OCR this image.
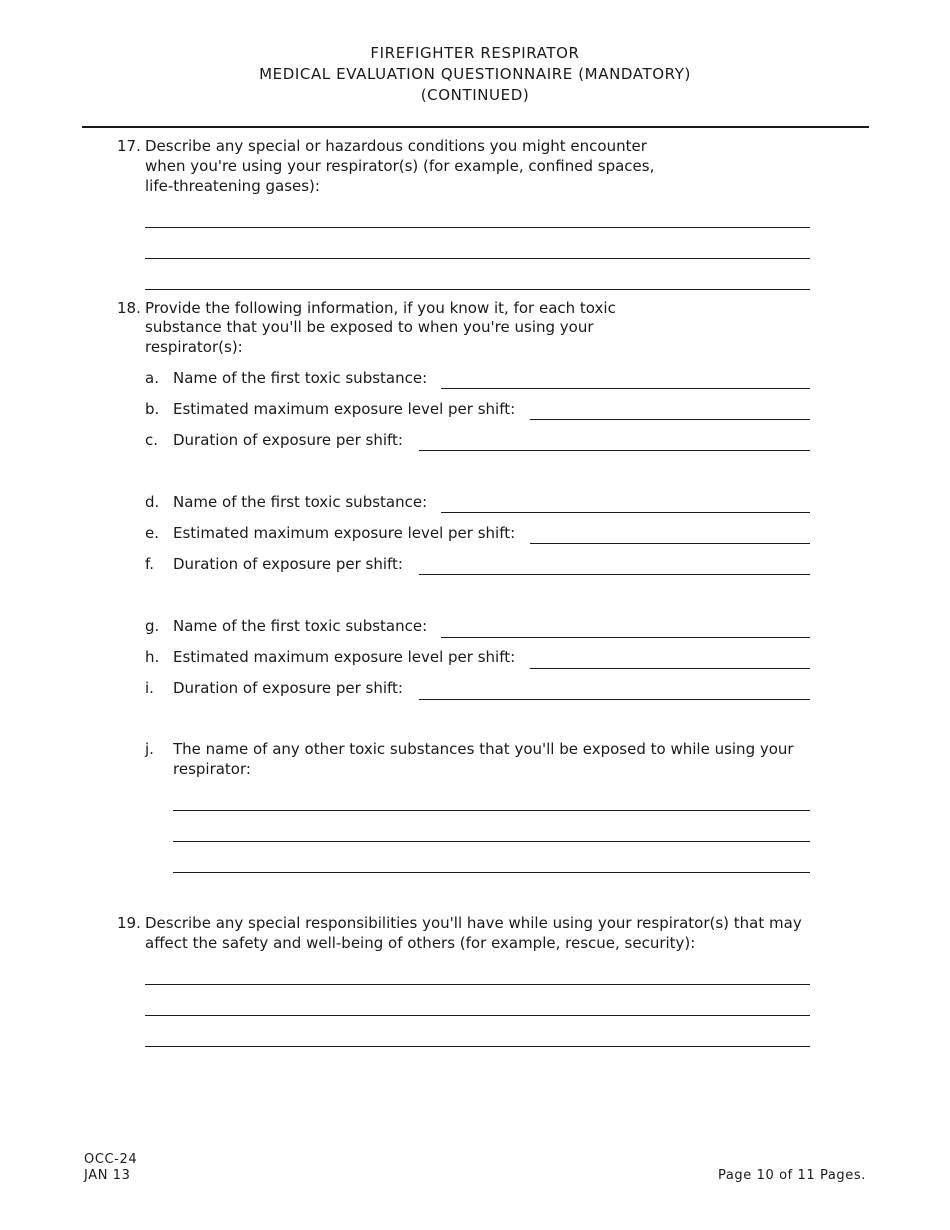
FIREFIGHTER RESPIRATOR
MEDICAL EVALUATION QUESTIONNAIRE (MANDATORY)
(CONTINUED)
17. Describe any special or hazardous conditions you might encounter
when you're using your respirator(s) (for example, confined spaces,
life-threatening gases):
18. Provide the following information, if you know it, for each toxic
substance that you'll be exposed to when you're using your
respirator(s):
a. Name of the first toxic substance:
b. Estimated maximum exposure level per shift:
c. Duration of exposure per shift:
d. Name of the first toxic substance:
e. Estimated maximum exposure level per shift:
f. Duration of exposure per shift:
g. Name of the first toxic substance:
h. Estimated maximum exposure level per shift:
i. Duration of exposure per shift:
j. The name of any other toxic substances that you'll be exposed to while using your
respirator:
19. Describe any special responsibilities you'll have while using your respirator(s) that may
affect the safety and well-being of others (for example, rescue, security):
OCC-24
JAN 13	Page 10 of 11 Pages.
